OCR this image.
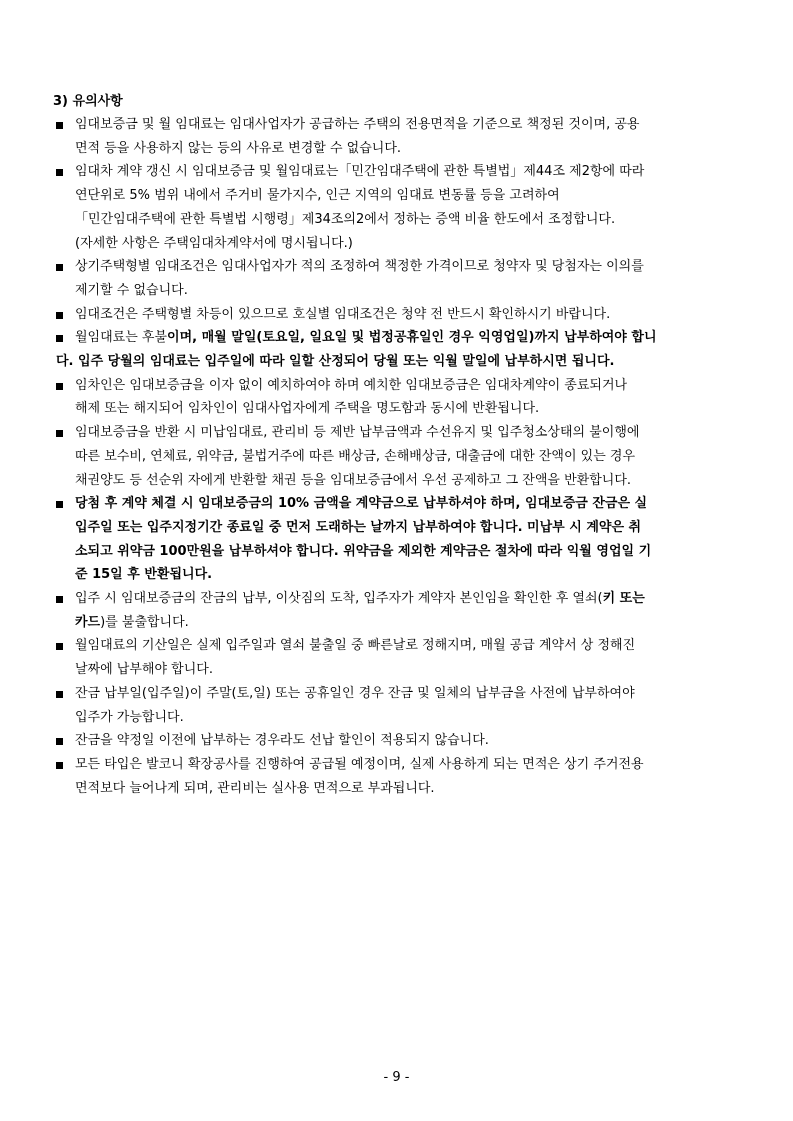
3) 유의사항
임대보증금 및 월 임대료는 임대사업자가 공급하는 주택의 전용면적을 기준으로 책정된 것이며, 공용
면적 등을 사용하지 않는 등의 사유로 변경할 수 없습니다.
임대차 계약 갱신 시 임대보증금 및 월임대료는「민간임대주택에 관한 특별법」제44조 제2항에 따라
연단위로 5% 범위 내에서 주거비 물가지수, 인근 지역의 임대료 변동률 등을 고려하여
「민간임대주택에 관한 특별법 시행령」제34조의2에서 정하는 증액 비율 한도에서 조정합니다.
(자세한 사항은 주택임대차계약서에 명시됩니다.)
상기주택형별 임대조건은 임대사업자가 적의 조정하여 책정한 가격이므로 청약자 및 당첨자는 이의를
제기할 수 없습니다.
임대조건은 주택형별 차등이 있으므로 호실별 임대조건은 청약 전 반드시 확인하시기 바랍니다.
월임대료는 후불이며, 매월 말일(토요일, 일요일 및 법정공휴일인 경우 익영업일)까지 납부하여야 합니
다. 입주 당월의 임대료는 입주일에 따라 일할 산정되어 당월 또는 익월 말일에 납부하시면 됩니다.
임차인은 임대보증금을 이자 없이 예치하여야 하며 예치한 임대보증금은 임대차계약이 종료되거나
해제 또는 해지되어 임차인이 임대사업자에게 주택을 명도함과 동시에 반환됩니다.
임대보증금을 반환 시 미납임대료, 관리비 등 제반 납부금액과 수선유지 및 입주청소상태의 불이행에
따른 보수비, 연체료, 위약금, 불법거주에 따른 배상금, 손해배상금, 대출금에 대한 잔액이 있는 경우
채권양도 등 선순위 자에게 반환할 채권 등을 임대보증금에서 우선 공제하고 그 잔액을 반환합니다.
당첨 후 계약 체결 시 임대보증금의 10% 금액을 계약금으로 납부하셔야 하며, 임대보증금 잔금은 실
입주일 또는 입주지정기간 종료일 중 먼저 도래하는 날까지 납부하여야 합니다. 미납부 시 계약은 취
소되고 위약금 100만원을 납부하셔야 합니다. 위약금을 제외한 계약금은 절차에 따라 익월 영업일 기
준 15일 후 반환됩니다.
입주 시 임대보증금의 잔금의 납부, 이삿짐의 도착, 입주자가 계약자 본인임을 확인한 후 열쇠(키 또는
카드)를 불출합니다.
월임대료의 기산일은 실제 입주일과 열쇠 불출일 중 빠른날로 정해지며, 매월 공급 계약서 상 정해진
날짜에 납부해야 합니다.
잔금 납부일(입주일)이 주말(토,일) 또는 공휴일인 경우 잔금 및 일체의 납부금을 사전에 납부하여야
입주가 가능합니다.
잔금을 약정일 이전에 납부하는 경우라도 선납 할인이 적용되지 않습니다.
모든 타입은 발코니 확장공사를 진행하여 공급될 예정이며, 실제 사용하게 되는 면적은 상기 주거전용
면적보다 늘어나게 되며, 관리비는 실사용 면적으로 부과됩니다.
- 9 -
